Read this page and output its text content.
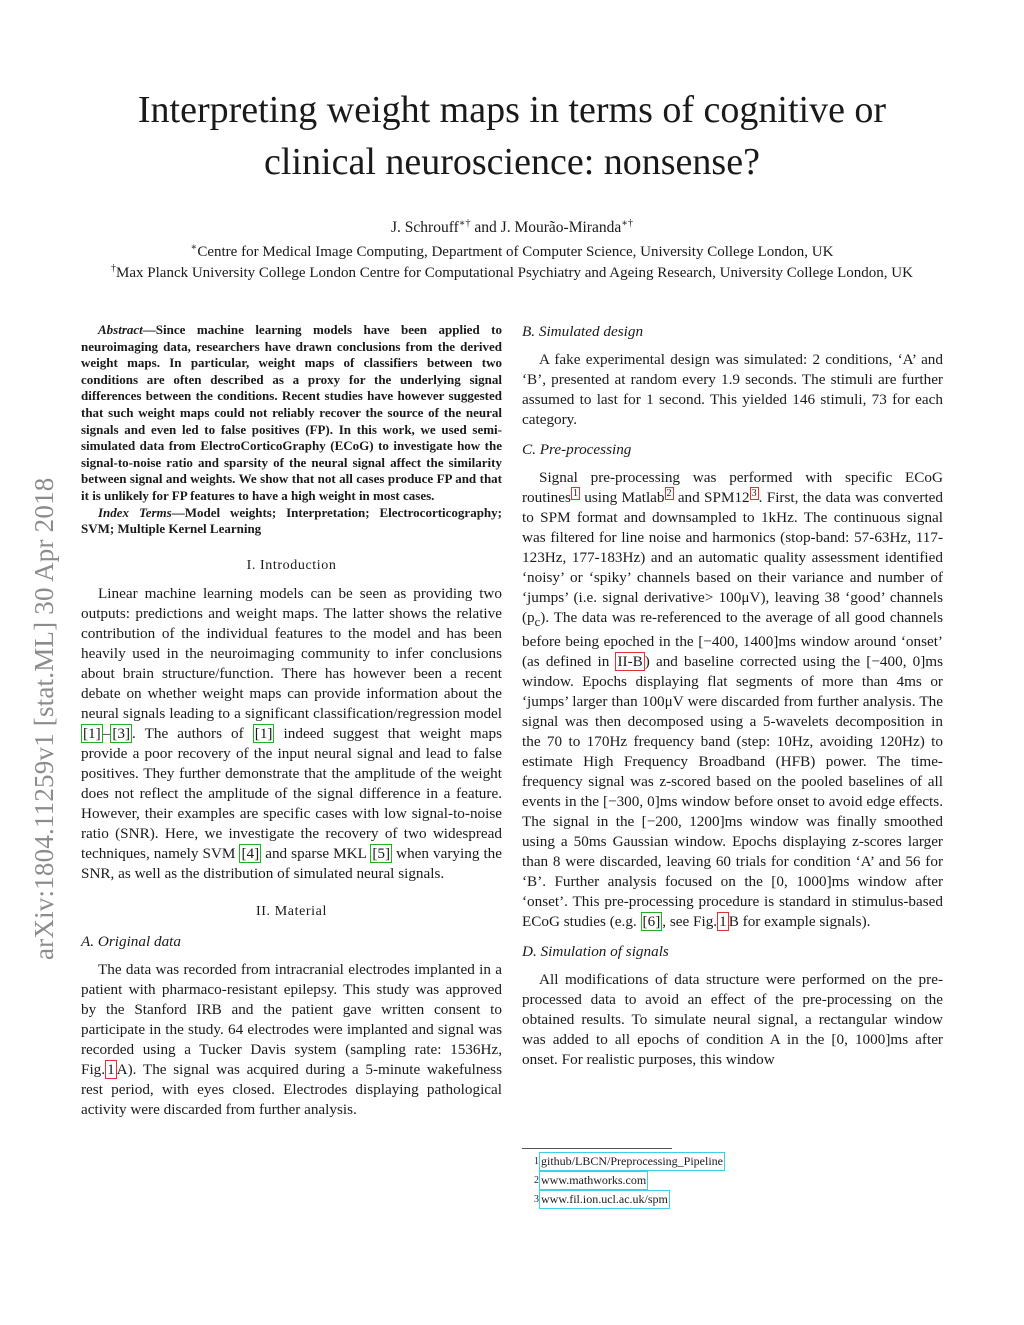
Interpreting weight maps in terms of cognitive or
clinical neuroscience: nonsense?
J. Schrouff∗† and J. Mourão-Miranda∗†
∗Centre for Medical Image Computing, Department of Computer Science, University College London, UK
†Max Planck University College London Centre for Computational Psychiatry and Ageing Research, University College London, UK
arXiv:1804.11259v1 [stat.ML] 30 Apr 2018

Abstract—Since machine learning models have been applied to neuroimaging data, researchers have drawn conclusions from the derived weight maps. In particular, weight maps of classifiers between two conditions are often described as a proxy for the underlying signal differences between the conditions. Recent studies have however suggested that such weight maps could not reliably recover the source of the neural signals and even led to false positives (FP). In this work, we used semi-simulated data from ElectroCorticoGraphy (ECoG) to investigate how the signal-to-noise ratio and sparsity of the neural signal affect the similarity between signal and weights. We show that not all cases produce FP and that it is unlikely for FP features to have a high weight in most cases.

Index Terms—Model weights; Interpretation; Electrocorticography; SVM; Multiple Kernel Learning

I. Introduction

Linear machine learning models can be seen as providing two outputs: predictions and weight maps. The latter shows the relative contribution of the individual features to the model and has been heavily used in the neuroimaging community to infer conclusions about brain structure/function. There has however been a recent debate on whether weight maps can provide information about the neural signals leading to a significant classification/regression model [1] – [3] . The authors of [1] indeed suggest that weight maps provide a poor recovery of the input neural signal and lead to false positives. They further demonstrate that the amplitude of the weight does not reflect the amplitude of the signal difference in a feature. However, their examples are specific cases with low signal-to-noise ratio (SNR). Here, we investigate the recovery of two widespread techniques, namely SVM [4] and sparse MKL [5] when varying the SNR, as well as the distribution of simulated neural signals.

II. Material
A. Original data

The data was recorded from intracranial electrodes implanted in a patient with pharmaco-resistant epilepsy. This study was approved by the Stanford IRB and the patient gave written consent to participate in the study. 64 electrodes were implanted and signal was recorded using a Tucker Davis system (sampling rate: 1536Hz, Fig. 1 A). The signal was acquired during a 5-minute wakefulness rest period, with eyes closed. Electrodes displaying pathological activity were discarded from further analysis.

B. Simulated design

A fake experimental design was simulated: 2 conditions, ‘A’ and ‘B’, presented at random every 1.9 seconds. The stimuli are further assumed to last for 1 second. This yielded 146 stimuli, 73 for each category.

C. Pre-processing

Signal pre-processing was performed with specific ECoG routines $^1$ using Matlab $^2$ and SPM12 $^3$ . First, the data was converted to SPM format and downsampled to 1kHz. The continuous signal was filtered for line noise and harmonics (stop-band: 57-63Hz, 117-123Hz, 177-183Hz) and an automatic quality assessment identified ‘noisy’ or ‘spiky’ channels based on their variance and number of ‘jumps’ (i.e. signal derivative> 100μV), leaving 38 ‘good’ channels $(p_c)$. The data was re-referenced to the average of all good channels before being epoched in the [−400, 1400]ms window around ‘onset’ (as defined in II-B ) and baseline corrected using the [−400, 0]ms window. Epochs displaying flat segments of more than 4ms or ‘jumps’ larger than 100μV were discarded from further analysis. The signal was then decomposed using a 5-wavelets decomposition in the 70 to 170Hz frequency band (step: 10Hz, avoiding 120Hz) to estimate High Frequency Broadband (HFB) power. The time-frequency signal was z-scored based on the pooled baselines of all events in the [−300, 0]ms window before onset to avoid edge effects. The signal in the [−200, 1200]ms window was finally smoothed using a 50ms Gaussian window. Epochs displaying z-scores larger than 8 were discarded, leaving 60 trials for condition ‘A’ and 56 for ‘B’. Further analysis focused on the [0, 1000]ms window after ‘onset’. This pre-processing procedure is standard in stimulus-based ECoG studies (e.g. [6] , see Fig. 1 B for example signals).

D. Simulation of signals

All modifications of data structure were performed on the pre-processed data to avoid an effect of the pre-processing on the obtained results. To simulate neural signal, a rectangular window was added to all epochs of condition A in the [0, 1000]ms after onset. For realistic purposes, this window

1 github/LBCN/Preprocessing_Pipeline
2 www.mathworks.com
3 www.fil.ion.ucl.ac.uk/spm
